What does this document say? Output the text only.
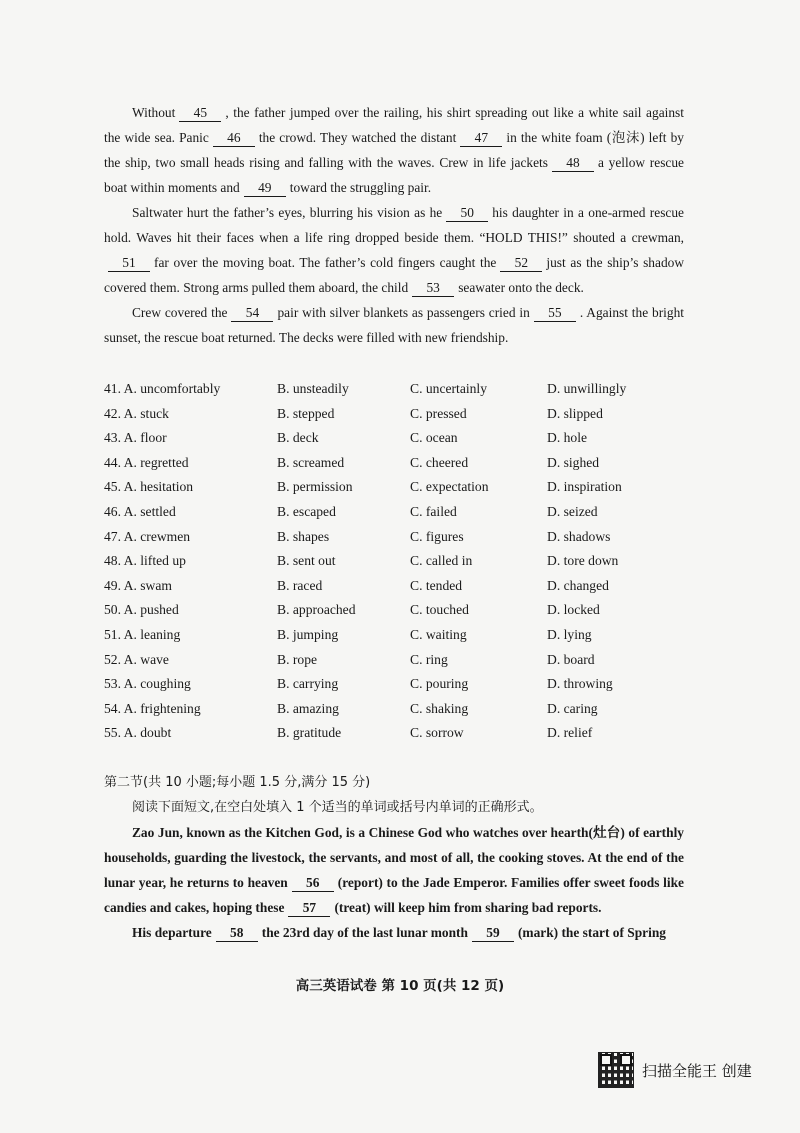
Without 45 , the father jumped over the railing, his shirt spreading out like a white sail against the wide sea. Panic 46 the crowd. They watched the distant 47 in the white foam (泡沫) left by the ship, two small heads rising and falling with the waves. Crew in life jackets 48 a yellow rescue boat within moments and 49 toward the struggling pair.

Saltwater hurt the father’s eyes, blurring his vision as he 50 his daughter in a one-armed rescue hold. Waves hit their faces when a life ring dropped beside them. “HOLD THIS!” shouted a crewman,51 far over the moving boat. The father’s cold fingers caught the 52 just as the ship’s shadow covered them. Strong arms pulled them aboard, the child 53 seawater onto the deck.

Crew covered the 54 pair with silver blankets as passengers cried in 55 . Against the bright sunset, the rescue boat returned. The decks were filled with new friendship.

41. A. uncomfortably	B. unsteadily	C. uncertainly	D. unwillingly
42. A. stuck	B. stepped	C. pressed	D. slipped
43. A. floor	B. deck	C. ocean	D. hole
44. A. regretted	B. screamed	C. cheered	D. sighed
45. A. hesitation	B. permission	C. expectation	D. inspiration
46. A. settled	B. escaped	C. failed	D. seized
47. A. crewmen	B. shapes	C. figures	D. shadows
48. A. lifted up	B. sent out	C. called in	D. tore down
49. A. swam	B. raced	C. tended	D. changed
50. A. pushed	B. approached	C. touched	D. locked
51. A. leaning	B. jumping	C. waiting	D. lying
52. A. wave	B. rope	C. ring	D. board
53. A. coughing	B. carrying	C. pouring	D. throwing
54. A. frightening	B. amazing	C. shaking	D. caring
55. A. doubt	B. gratitude	C. sorrow	D. relief
第二节(共 10 小题;每小题 1.5 分,满分 15 分)
阅读下面短文,在空白处填入 1 个适当的单词或括号内单词的正确形式。

Zao Jun, known as the Kitchen God, is a Chinese God who watches over hearth(灶台) of earthly households, guarding the livestock, the servants, and most of all, the cooking stoves. At the end of the lunar year, he returns to heaven 56 (report) to the Jade Emperor. Families offer sweet foods like candies and cakes, hoping these 57 (treat) will keep him from sharing bad reports.

His departure 58 the 23rd day of the last lunar month 59 (mark) the start of Spring

高三英语试卷 第 10 页(共 12 页)
扫描全能王 创建
